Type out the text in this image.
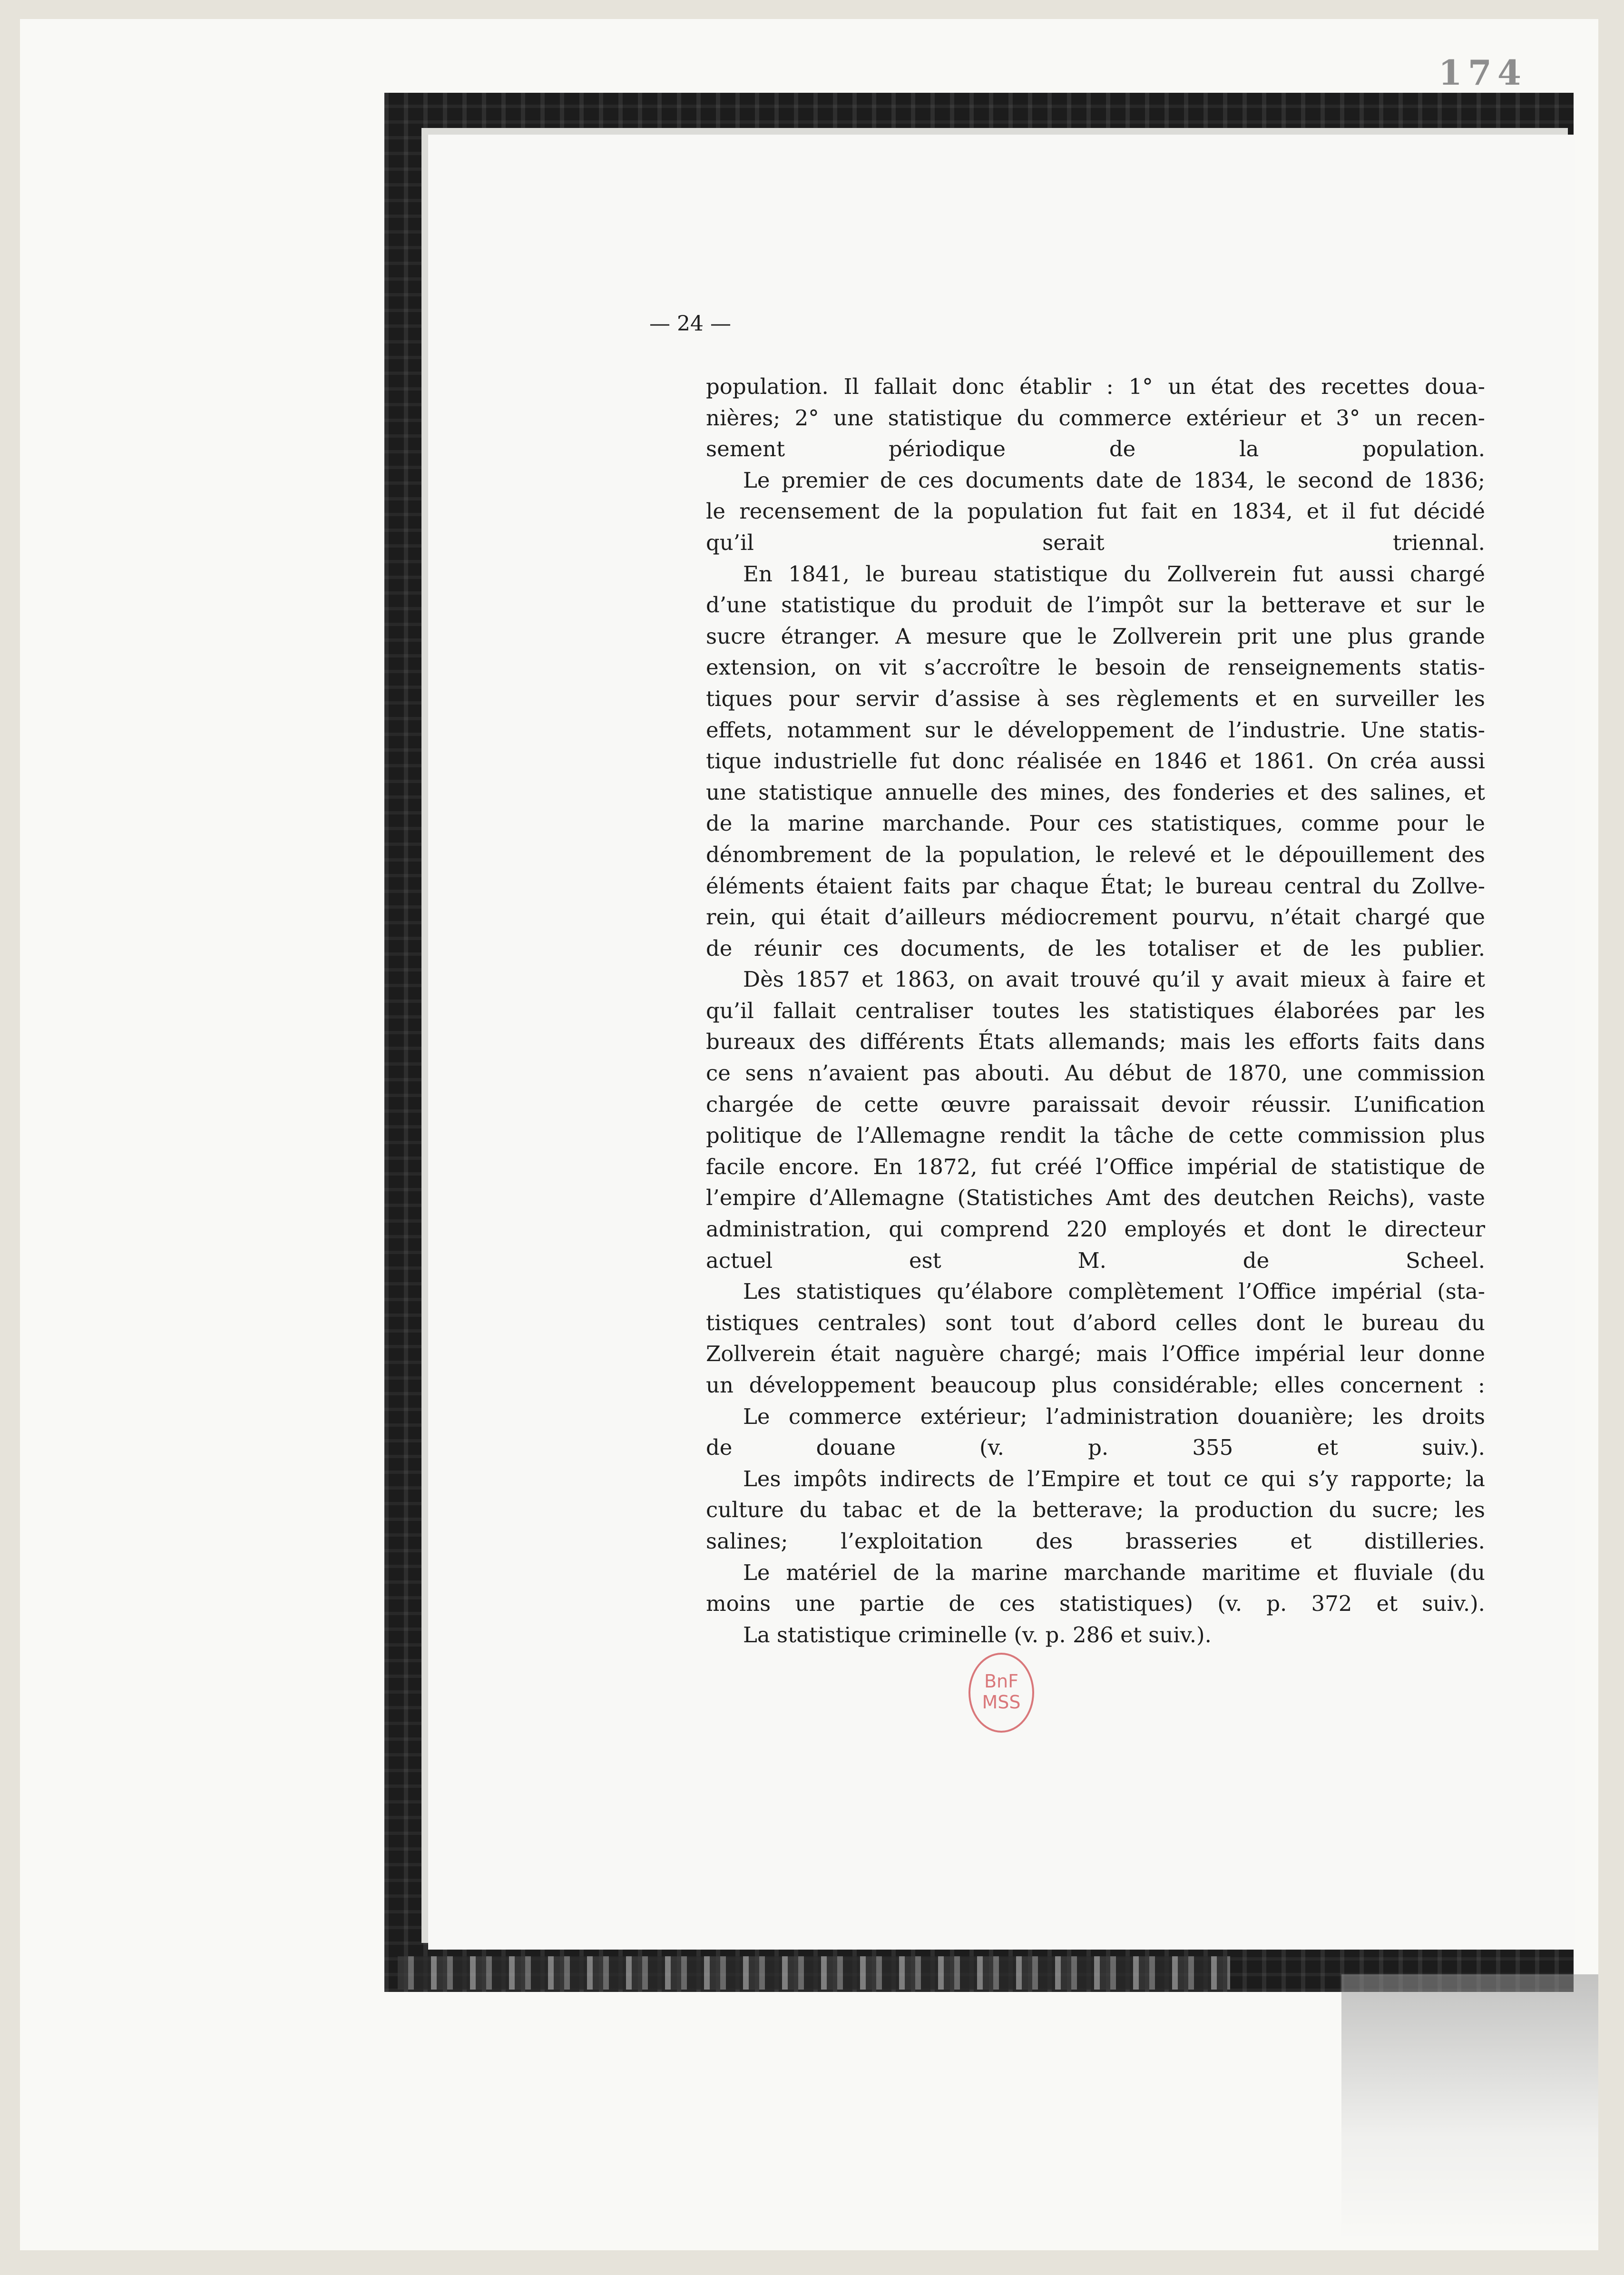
174
— 24 —

population. Il fallait donc établir : 1° un état des recettes doua-
nières; 2° une statistique du commerce extérieur et 3° un recen-
sement périodique de la population.

Le premier de ces documents date de 1834, le second de 1836;
le recensement de la population fut fait en 1834, et il fut décidé
qu’il serait triennal.

En 1841, le bureau statistique du Zollverein fut aussi chargé
d’une statistique du produit de l’impôt sur la betterave et sur le
sucre étranger. A mesure que le Zollverein prit une plus grande
extension, on vit s’accroître le besoin de renseignements statis-
tiques pour servir d’assise à ses règlements et en surveiller les
effets, notamment sur le développement de l’industrie. Une statis-
tique industrielle fut donc réalisée en 1846 et 1861. On créa aussi
une statistique annuelle des mines, des fonderies et des salines, et
de la marine marchande. Pour ces statistiques, comme pour le
dénombrement de la population, le relevé et le dépouillement des
éléments étaient faits par chaque État; le bureau central du Zollve-
rein, qui était d’ailleurs médiocrement pourvu, n’était chargé que
de réunir ces documents, de les totaliser et de les publier.

Dès 1857 et 1863, on avait trouvé qu’il y avait mieux à faire et
qu’il fallait centraliser toutes les statistiques élaborées par les
bureaux des différents États allemands; mais les efforts faits dans
ce sens n’avaient pas abouti. Au début de 1870, une commission
chargée de cette œuvre paraissait devoir réussir. L’unification
politique de l’Allemagne rendit la tâche de cette commission plus
facile encore. En 1872, fut créé l’Office impérial de statistique de
l’empire d’Allemagne (Statistiches Amt des deutchen Reichs), vaste
administration, qui comprend 220 employés et dont le directeur
actuel est M. de Scheel.

Les statistiques qu’élabore complètement l’Office impérial (sta-
tistiques centrales) sont tout d’abord celles dont le bureau du
Zollverein était naguère chargé; mais l’Office impérial leur donne
un développement beaucoup plus considérable; elles concernent :

Le commerce extérieur; l’administration douanière; les droits
de douane (v. p. 355 et suiv.).

Les impôts indirects de l’Empire et tout ce qui s’y rapporte; la
culture du tabac et de la betterave; la production du sucre; les
salines; l’exploitation des brasseries et distilleries.

Le matériel de la marine marchande maritime et fluviale (du
moins une partie de ces statistiques) (v. p. 372 et suiv.).

La statistique criminelle (v. p. 286 et suiv.).

BnF
MSS
